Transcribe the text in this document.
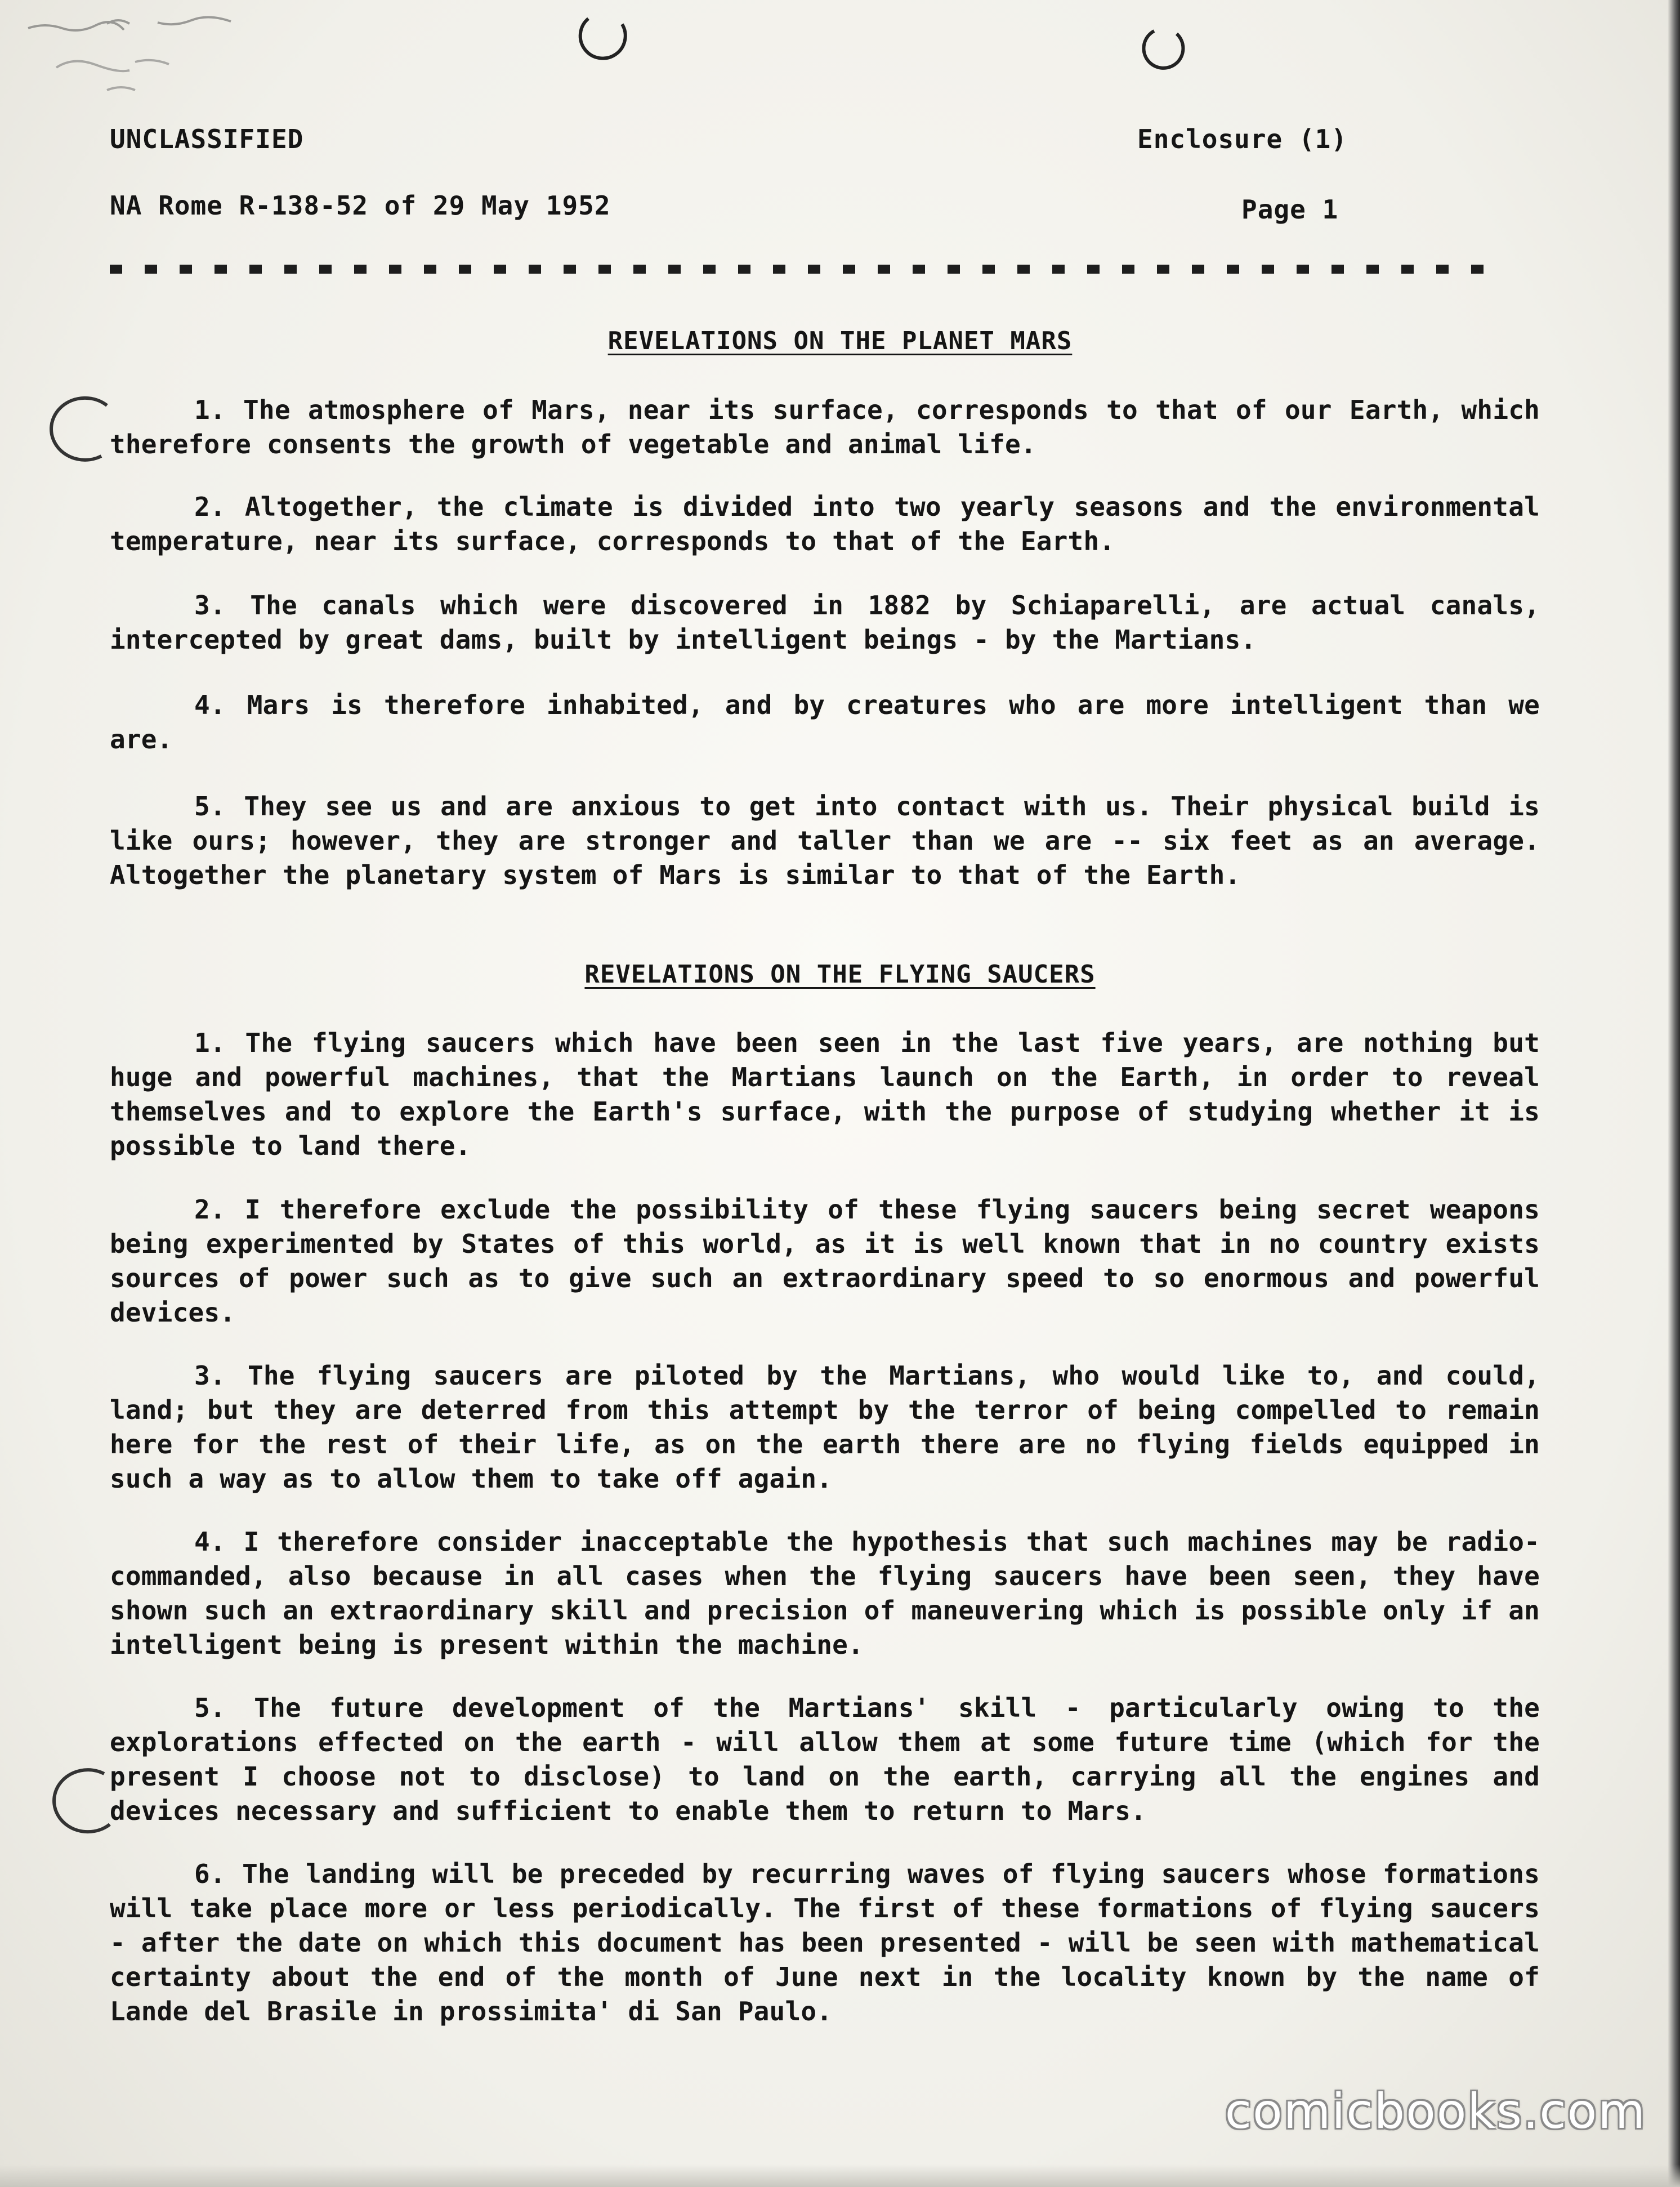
UNCLASSIFIED	Enclosure (1)
NA Rome R-138-52 of 29 May 1952	Page 1
REVELATIONS ON THE PLANET MARS

1. The atmosphere of Mars, near its surface, corresponds to that of our Earth, which therefore consents the growth of vegetable and animal life.

2. Altogether, the climate is divided into two yearly seasons and the environmental temperature, near its surface, corresponds to that of the Earth.

3. The canals which were discovered in 1882 by Schiaparelli, are actual canals, intercepted by great dams, built by intelligent beings - by the Martians.

4. Mars is therefore inhabited, and by creatures who are more intelligent than we are.

5. They see us and are anxious to get into contact with us. Their physical build is like ours; however, they are stronger and taller than we are -- six feet as an average. Altogether the planetary system of Mars is similar to that of the Earth.

REVELATIONS ON THE FLYING SAUCERS

1. The flying saucers which have been seen in the last five years, are nothing but huge and powerful machines, that the Martians launch on the Earth, in order to reveal themselves and to explore the Earth's surface, with the purpose of studying whether it is possible to land there.

2. I therefore exclude the possibility of these flying saucers being secret weapons being experimented by States of this world, as it is well known that in no country exists sources of power such as to give such an extraordinary speed to so enormous and powerful devices.

3. The flying saucers are piloted by the Martians, who would like to, and could, land; but they are deterred from this attempt by the terror of being compelled to remain here for the rest of their life, as on the earth there are no flying fields equipped in such a way as to allow them to take off again.

4. I therefore consider inacceptable the hypothesis that such machines may be radio-commanded, also because in all cases when the flying saucers have been seen, they have shown such an extraordinary skill and precision of maneuvering which is possible only if an intelligent being is present within the machine.

5. The future development of the Martians' skill - particularly owing to the explorations effected on the earth - will allow them at some future time (which for the present I choose not to disclose) to land on the earth, carrying all the engines and devices necessary and sufficient to enable them to return to Mars.

6. The landing will be preceded by recurring waves of flying saucers whose formations will take place more or less periodically. The first of these formations of flying saucers - after the date on which this document has been presented - will be seen with mathematical certainty about the end of the month of June next in the locality known by the name of Lande del Brasile in prossimita' di San Paulo.

comicbooks.com
